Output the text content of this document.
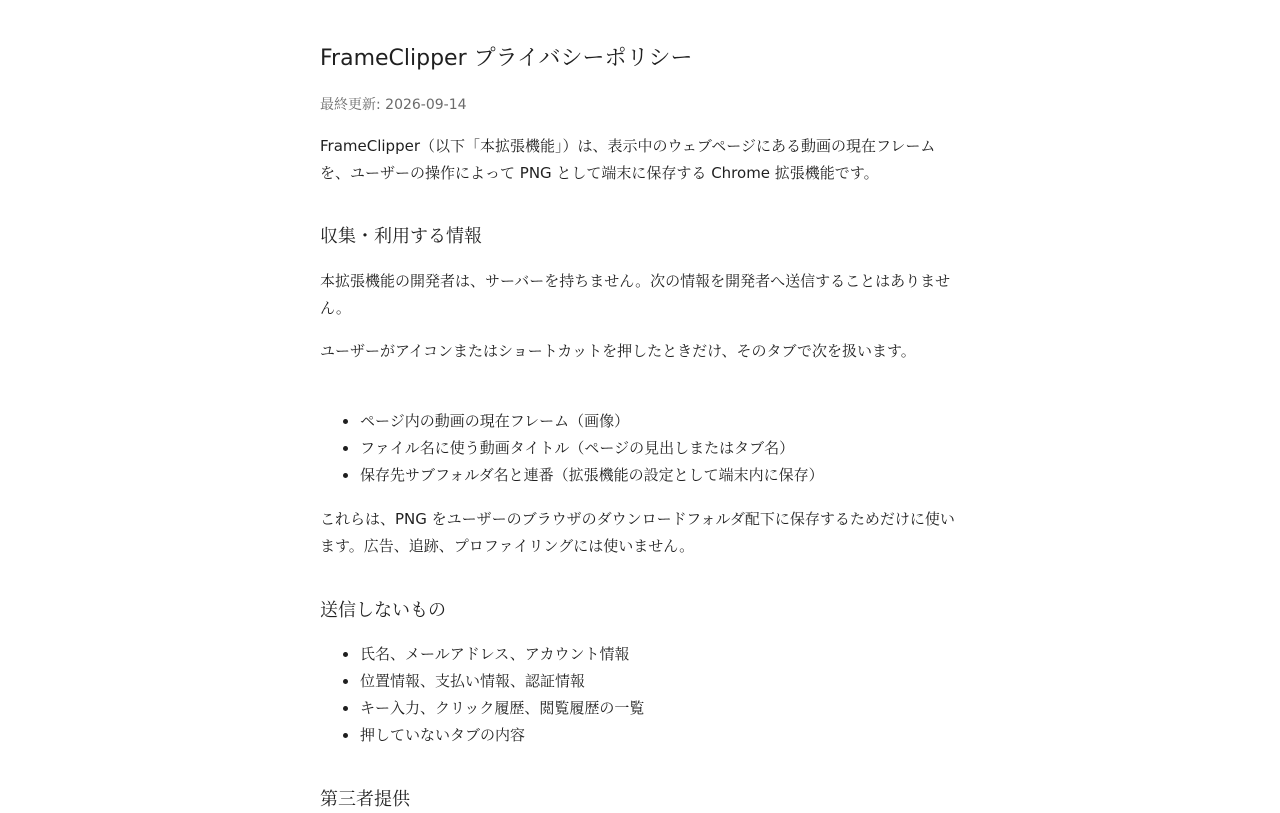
FrameClipper プライバシーポリシー
最終更新: 2026-09-14

FrameClipper（以下「本拡張機能」）は、表示中のウェブページにある動画の現在フレームを、ユーザーの操作によって PNG として端末に保存する Chrome 拡張機能です。

収集・利用する情報

本拡張機能の開発者は、サーバーを持ちません。次の情報を開発者へ送信することはありません。

ユーザーがアイコンまたはショートカットを押したときだけ、そのタブで次を扱います。

ページ内の動画の現在フレーム（画像）
ファイル名に使う動画タイトル（ページの見出しまたはタブ名）
保存先サブフォルダ名と連番（拡張機能の設定として端末内に保存）

これらは、PNG をユーザーのブラウザのダウンロードフォルダ配下に保存するためだけに使います。広告、追跡、プロファイリングには使いません。

送信しないもの
氏名、メールアドレス、アカウント情報
位置情報、支払い情報、認証情報
キー入力、クリック履歴、閲覧履歴の一覧
押していないタブの内容
第三者提供
